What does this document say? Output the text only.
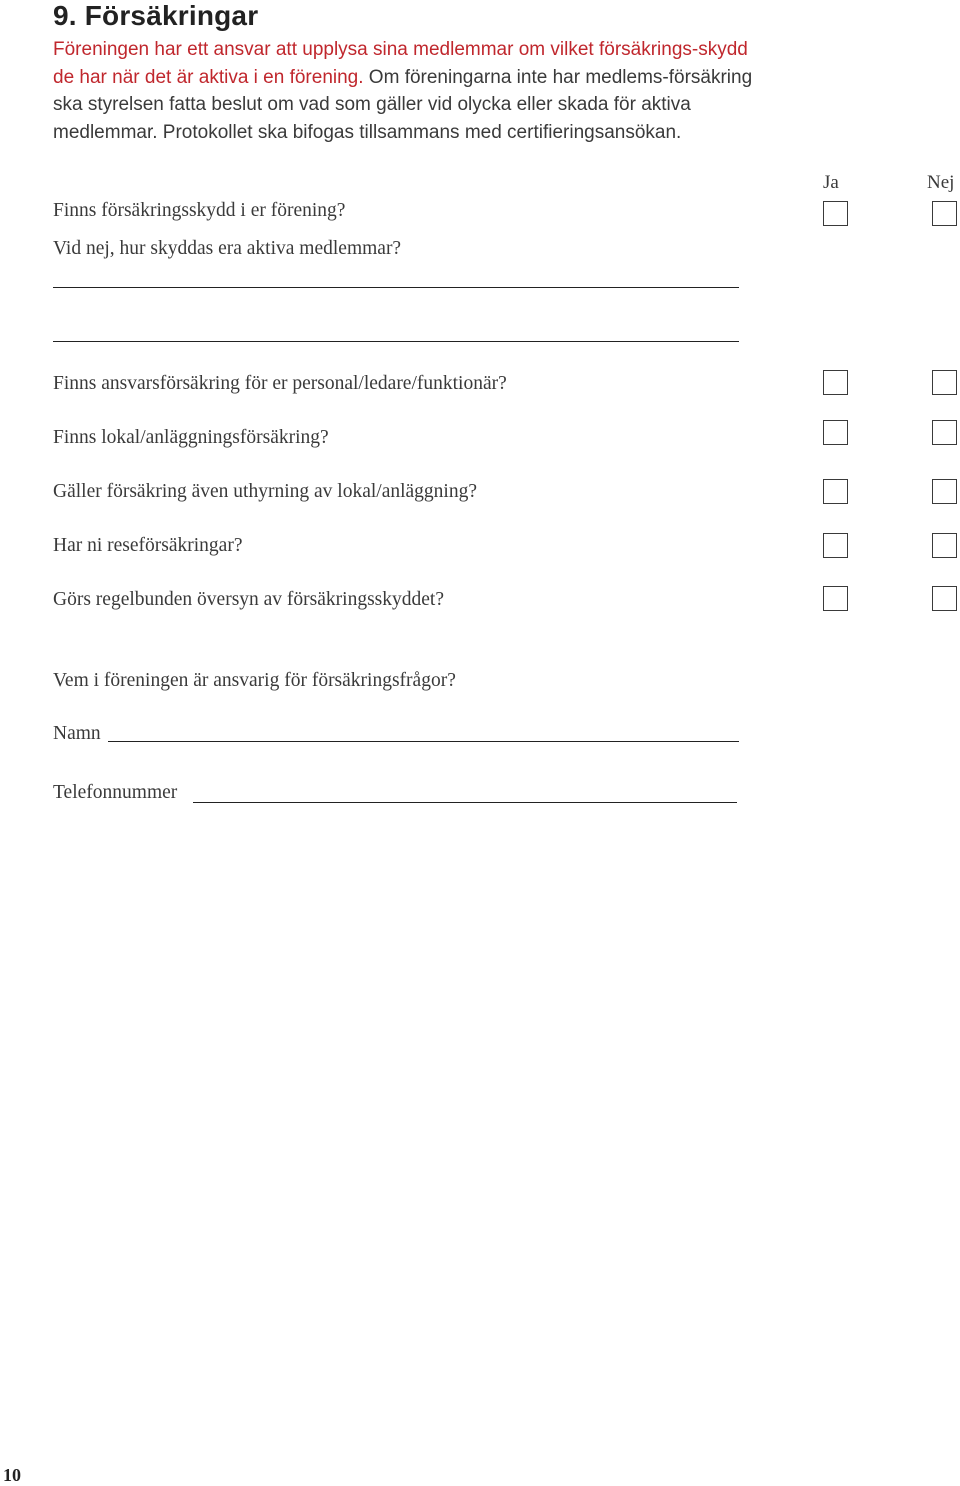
9. Försäkringar
Föreningen har ett ansvar att upplysa sina medlemmar om vilket försäkrings-skydd de har när det är aktiva i en förening. Om föreningarna inte har medlems-försäkring ska styrelsen fatta beslut om vad som gäller vid olycka eller skada för aktiva medlemmar. Protokollet ska bifogas tillsammans med certifieringsansökan.
Ja	Nej
Finns försäkringsskydd i er förening?
Vid nej, hur skyddas era aktiva medlemmar?
Finns ansvarsförsäkring för er personal/ledare/funktionär?
Finns lokal/anläggningsförsäkring?
Gäller försäkring även uthyrning av lokal/anläggning?
Har ni reseförsäkringar?
Görs regelbunden översyn av försäkringsskyddet?
Vem i föreningen är ansvarig för försäkringsfrågor?
Namn
Telefonnummer
10
